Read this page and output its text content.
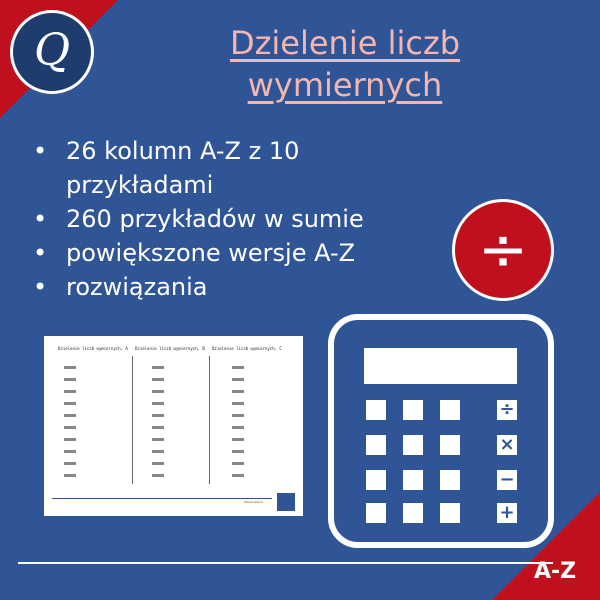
Q	Dzielenie liczb
wymiernych
• 26 kolumn A-Z z 10 przykładami
• 260 przykładów w sumie
• powiększone wersje A-Z
• rozwiązania
÷
Dzielenie liczb wymiernych, A Dzielenie liczb wymiernych, B Dzielenie liczb wymiernych, C
Matematyka
÷
×
−
+
A-Z
